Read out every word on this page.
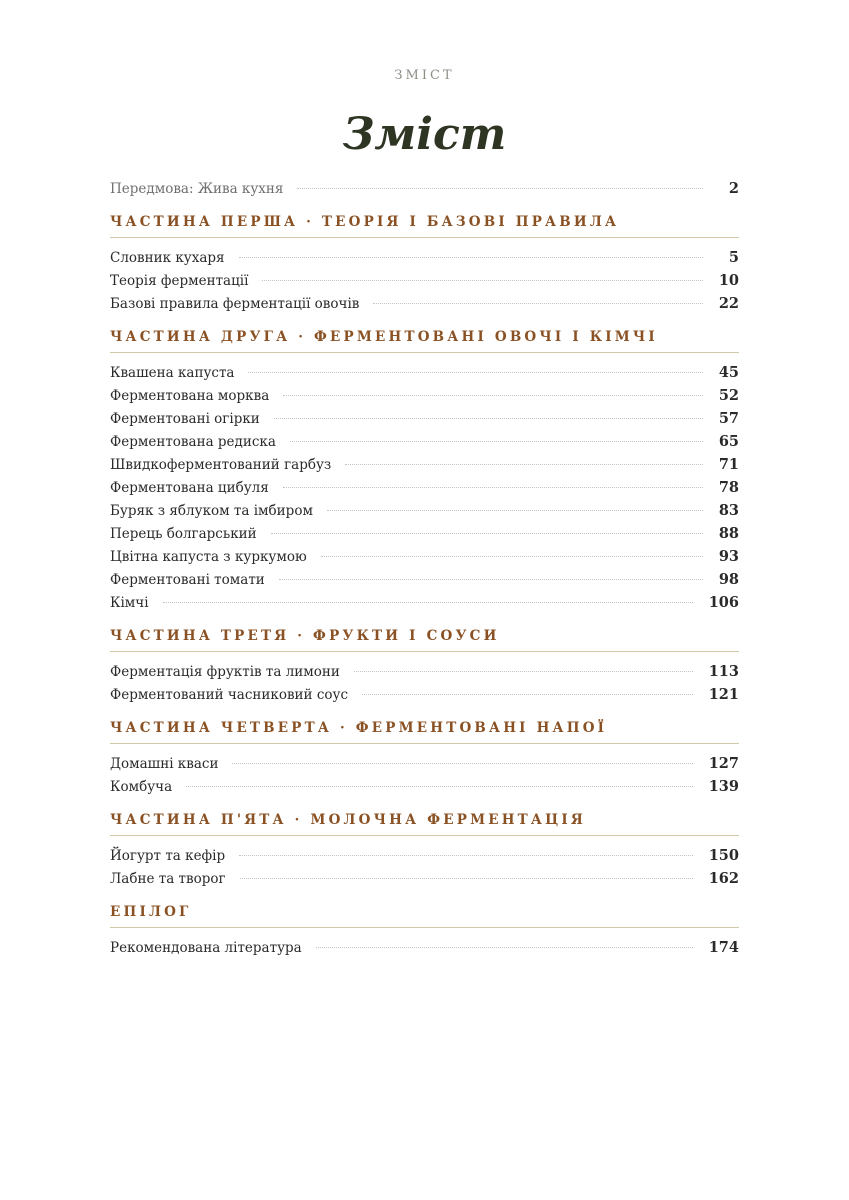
ЗМІСТ
Зміст
Передмова: Жива кухня	2
ЧАСТИНА ПЕРША · ТЕОРІЯ І БАЗОВІ ПРАВИЛА
Словник кухаря	5
Теорія ферментації	10
Базові правила ферментації овочів	22
ЧАСТИНА ДРУГА · ФЕРМЕНТОВАНІ ОВОЧІ І КІМЧІ
Квашена капуста	45
Ферментована морква	52
Ферментовані огірки	57
Ферментована редиска	65
Швидкоферментований гарбуз	71
Ферментована цибуля	78
Буряк з яблуком та імбиром	83
Перець болгарський	88
Цвітна капуста з куркумою	93
Ферментовані томати	98
Кімчі	106
ЧАСТИНА ТРЕТЯ · ФРУКТИ І СОУСИ
Ферментація фруктів та лимони	113
Ферментований часниковий соус	121
ЧАСТИНА ЧЕТВЕРТА · ФЕРМЕНТОВАНІ НАПОЇ
Домашні кваси	127
Комбуча	139
ЧАСТИНА П'ЯТА · МОЛОЧНА ФЕРМЕНТАЦІЯ
Йогурт та кефір	150
Лабне та творог	162
ЕПІЛОГ
Рекомендована література	174
